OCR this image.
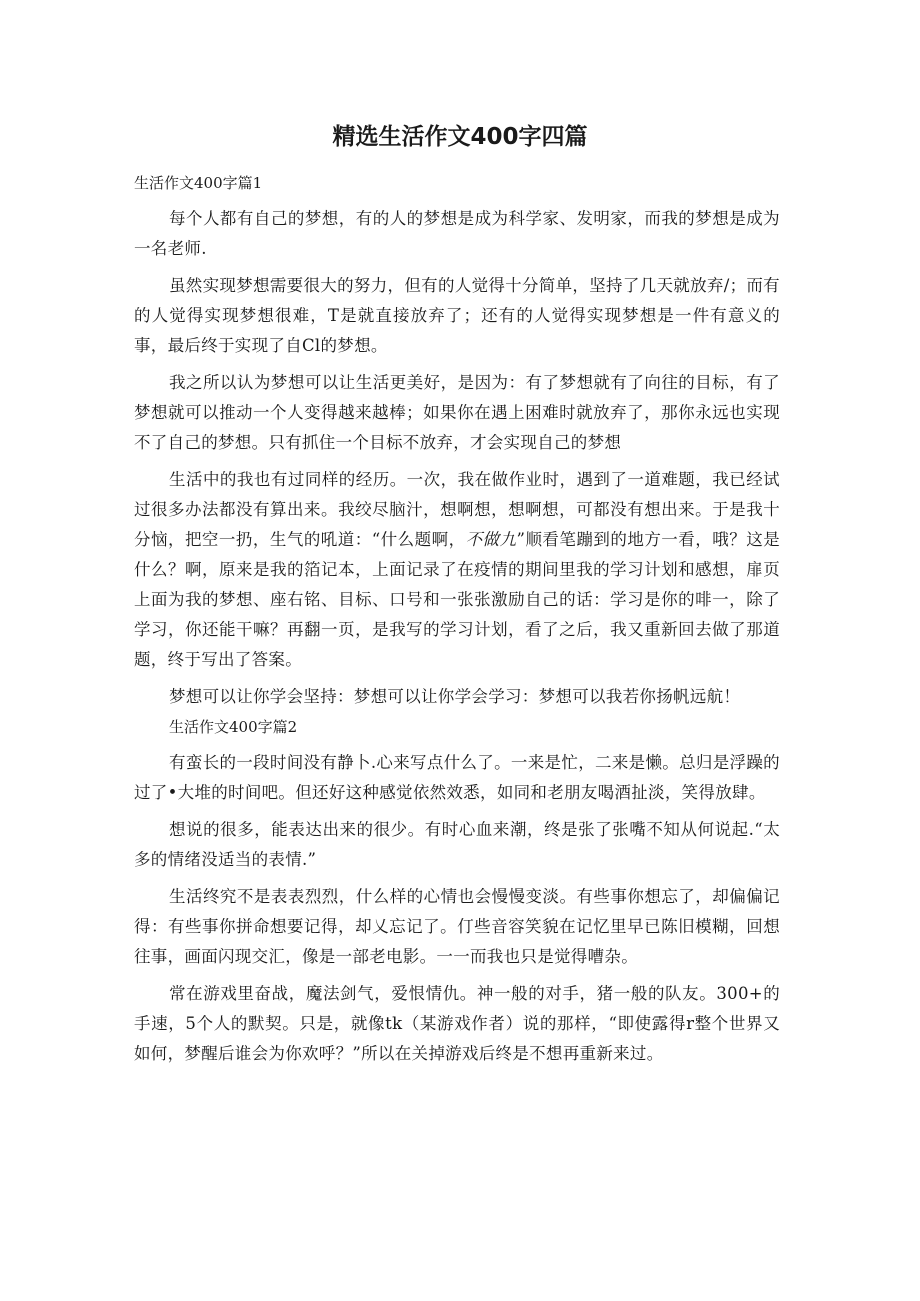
精选生活作文400字四篇

生活作文400字篇1

每个人都有自己的梦想，有的人的梦想是成为科学家、发明家，而我的梦想是成为一名老师.

虽然实现梦想需要很大的努力，但有的人觉得十分简单，坚持了几天就放弃/；而有的人觉得实现梦想很难，T是就直接放弃了；还有的人觉得实现梦想是一件有意义的事，最后终于实现了自Cl的梦想。

我之所以认为梦想可以让生活更美好，是因为：有了梦想就有了向往的目标，有了梦想就可以推动一个人变得越来越棒；如果你在遇上困难时就放弃了，那你永远也实现不了自己的梦想。只有抓住一个目标不放弃，才会实现自己的梦想

生活中的我也有过同样的经历。一次，我在做作业时，遇到了一道难题，我已经试过很多办法都没有算出来。我绞尽脑汁，想啊想，想啊想，可都没有想出来。于是我十分恼，把空一扔，生气的吼道：“什么题啊，不做九”顺看笔蹦到的地方一看，哦？这是什么？啊，原来是我的箔记本，上面记录了在疫情的期间里我的学习计划和感想，扉页上面为我的梦想、座右铭、目标、口号和一张张激励自己的话：学习是你的啡一，除了学习，你还能干嘛？再翻一页，是我写的学习计划，看了之后，我又重新回去做了那道题，终于写出了答案。

梦想可以让你学会坚持：梦想可以让你学会学习：梦想可以我若你扬帆远航！

生活作文400字篇2

有蛮长的一段时间没有静卜.心来写点什么了。一来是忙，二来是懒。总归是浮躁的过了•大堆的时间吧。但还好这种感觉依然效悉，如同和老朋友喝酒扯淡，笑得放肆。

想说的很多，能表达出来的很少。有时心血来潮，终是张了张嘴不知从何说起.“太多的情绪没适当的表情.”

生活终究不是表表烈烈，什么样的心情也会慢慢变淡。有些事你想忘了，却偏偏记得：有些事你拼命想要记得，却乂忘记了。仃些音容笑貌在记忆里早已陈旧模糊，回想往事，画面闪现交汇，像是一部老电影。一一而我也只是觉得嘈杂。

常在游戏里奋战，魔法剑气，爱恨情仇。神一般的对手，猪一般的队友。300+的手速，5个人的默契。只是，就像tk（某游戏作者）说的那样，“即使露得r整个世界又如何，梦醒后谁会为你欢呼？”所以在关掉游戏后终是不想再重新来过。
